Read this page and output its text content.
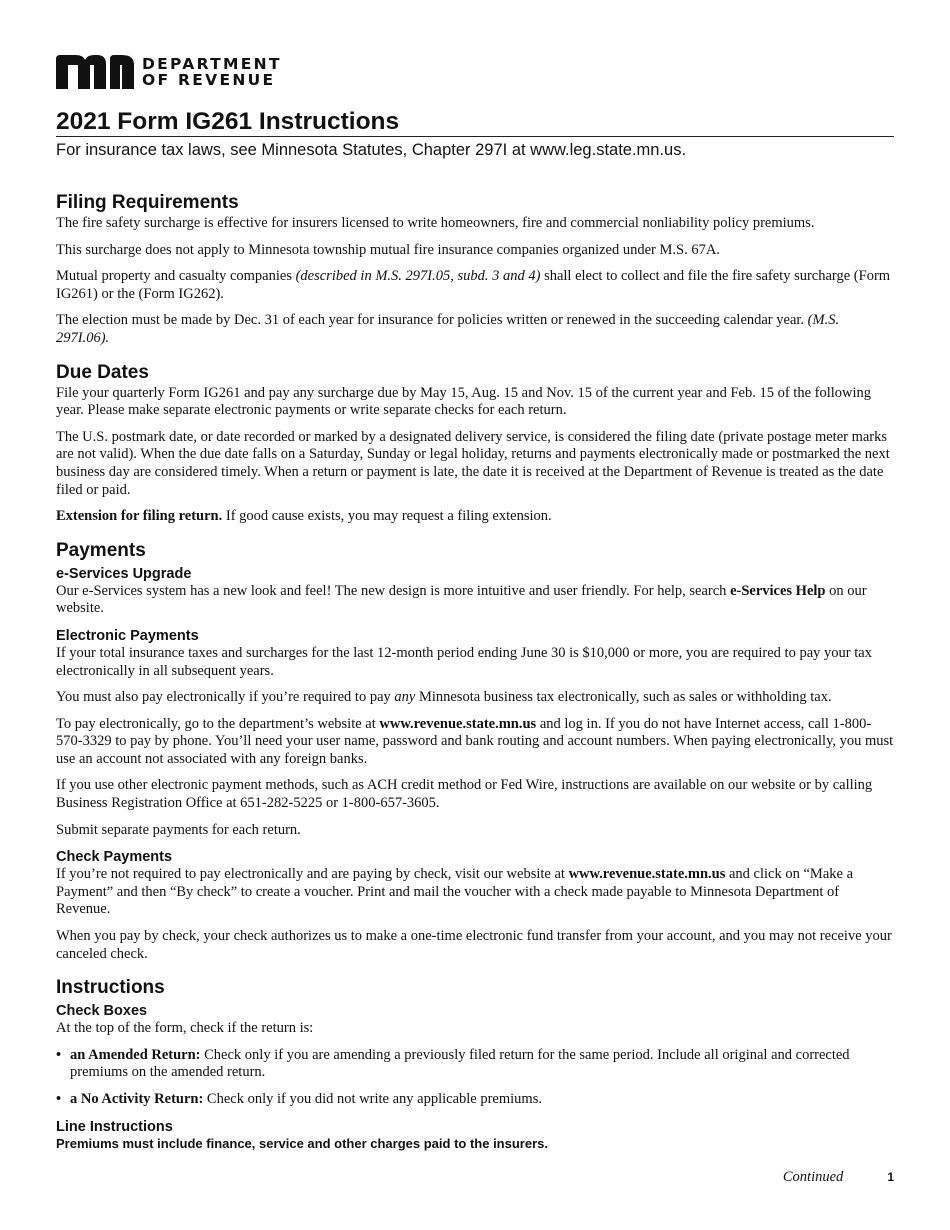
DEPARTMENT
OF REVENUE
2021 Form IG261 Instructions
For insurance tax laws, see Minnesota Statutes, Chapter 297I at www.leg.state.mn.us.
Filing Requirements

The fire safety surcharge is effective for insurers licensed to write homeowners, fire and commercial nonliability policy premiums.

This surcharge does not apply to Minnesota township mutual fire insurance companies organized under M.S. 67A.

Mutual property and casualty companies (described in M.S. 297I.05, subd. 3 and 4) shall elect to collect and file the fire safety surcharge (Form IG261) or the (Form IG262).

The election must be made by Dec. 31 of each year for insurance for policies written or renewed in the succeeding calendar year. (M.S. 297I.06).

Due Dates

File your quarterly Form IG261 and pay any surcharge due by May 15, Aug. 15 and Nov. 15 of the current year and Feb. 15 of the following year. Please make separate electronic payments or write separate checks for each return.

The U.S. postmark date, or date recorded or marked by a designated delivery service, is considered the filing date (private postage meter marks are not valid). When the due date falls on a Saturday, Sunday or legal holiday, returns and payments electronically made or postmarked the next business day are considered timely. When a return or payment is late, the date it is received at the Department of Revenue is treated as the date filed or paid.

Extension for filing return. If good cause exists, you may request a filing extension.

Payments
e-Services Upgrade

Our e-Services system has a new look and feel! The new design is more intuitive and user friendly. For help, search e-Services Help on our website.

Electronic Payments

If your total insurance taxes and surcharges for the last 12-month period ending June 30 is $10,000 or more, you are required to pay your tax electronically in all subsequent years.

You must also pay electronically if you’re required to pay any Minnesota business tax electronically, such as sales or withholding tax.

To pay electronically, go to the department’s website at www.revenue.state.mn.us and log in. If you do not have Internet access, call 1-800-570-3329 to pay by phone. You’ll need your user name, password and bank routing and account numbers. When paying electronically, you must use an account not associated with any foreign banks.

If you use other electronic payment methods, such as ACH credit method or Fed Wire, instructions are available on our website or by calling Business Registration Office at 651-282-5225 or 1-800-657-3605.

Submit separate payments for each return.

Check Payments

If you’re not required to pay electronically and are paying by check, visit our website at www.revenue.state.mn.us and click on “Make a Payment” and then “By check” to create a voucher. Print and mail the voucher with a check made payable to Minnesota Department of Revenue.

When you pay by check, your check authorizes us to make a one-time electronic fund transfer from your account, and you may not receive your canceled check.

Instructions
Check Boxes

At the top of the form, check if the return is:

• an Amended Return: Check only if you are amending a previously filed return for the same period. Include all original and corrected premiums on the amended return.
• a No Activity Return: Check only if you did not write any applicable premiums.
Line Instructions

Premiums must include finance, service and other charges paid to the insurers.

Continued	1
